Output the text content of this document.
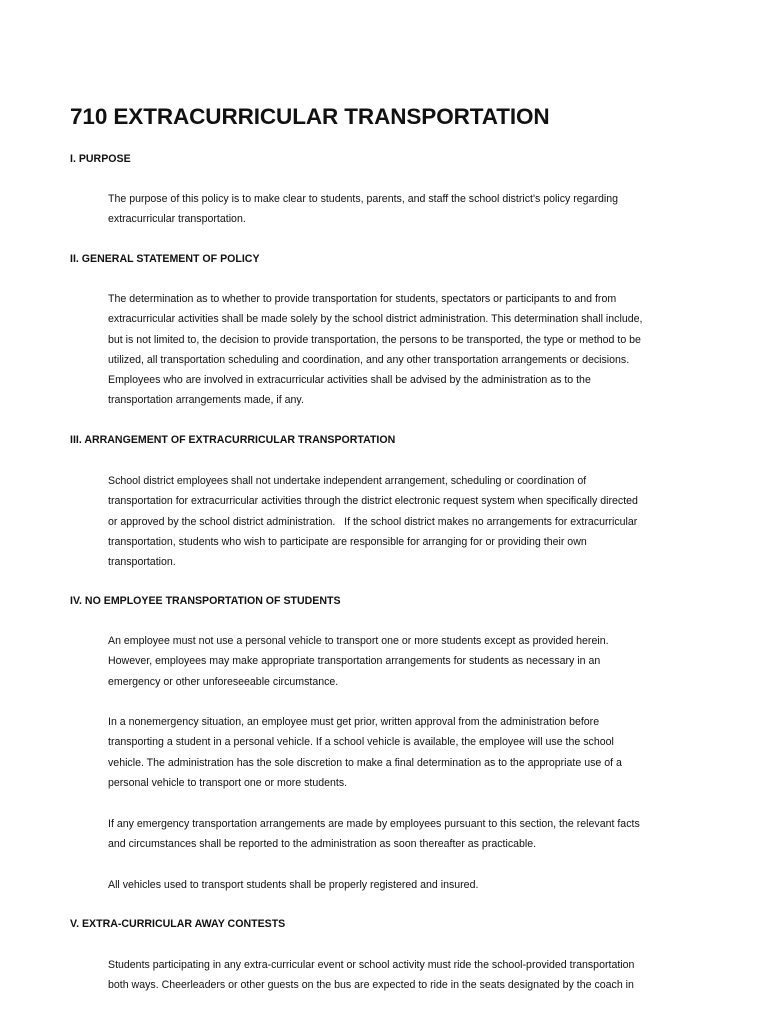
710 EXTRACURRICULAR TRANSPORTATION
I. PURPOSE
The purpose of this policy is to make clear to students, parents, and staff the school district's policy regarding
extracurricular transportation.
II. GENERAL STATEMENT OF POLICY
The determination as to whether to provide transportation for students, spectators or participants to and from
extracurricular activities shall be made solely by the school district administration. This determination shall include,
but is not limited to, the decision to provide transportation, the persons to be transported, the type or method to be
utilized, all transportation scheduling and coordination, and any other transportation arrangements or decisions.
Employees who are involved in extracurricular activities shall be advised by the administration as to the
transportation arrangements made, if any.
III. ARRANGEMENT OF EXTRACURRICULAR TRANSPORTATION
School district employees shall not undertake independent arrangement, scheduling or coordination of
transportation for extracurricular activities through the district electronic request system when specifically directed
or approved by the school district administration.   If the school district makes no arrangements for extracurricular
transportation, students who wish to participate are responsible for arranging for or providing their own
transportation.
IV. NO EMPLOYEE TRANSPORTATION OF STUDENTS
An employee must not use a personal vehicle to transport one or more students except as provided herein.
However, employees may make appropriate transportation arrangements for students as necessary in an
emergency or other unforeseeable circumstance.
In a nonemergency situation, an employee must get prior, written approval from the administration before
transporting a student in a personal vehicle. If a school vehicle is available, the employee will use the school
vehicle. The administration has the sole discretion to make a final determination as to the appropriate use of a
personal vehicle to transport one or more students.
If any emergency transportation arrangements are made by employees pursuant to this section, the relevant facts
and circumstances shall be reported to the administration as soon thereafter as practicable.
All vehicles used to transport students shall be properly registered and insured.
V. EXTRA-CURRICULAR AWAY CONTESTS
Students participating in any extra-curricular event or school activity must ride the school-provided transportation
both ways. Cheerleaders or other guests on the bus are expected to ride in the seats designated by the coach in
